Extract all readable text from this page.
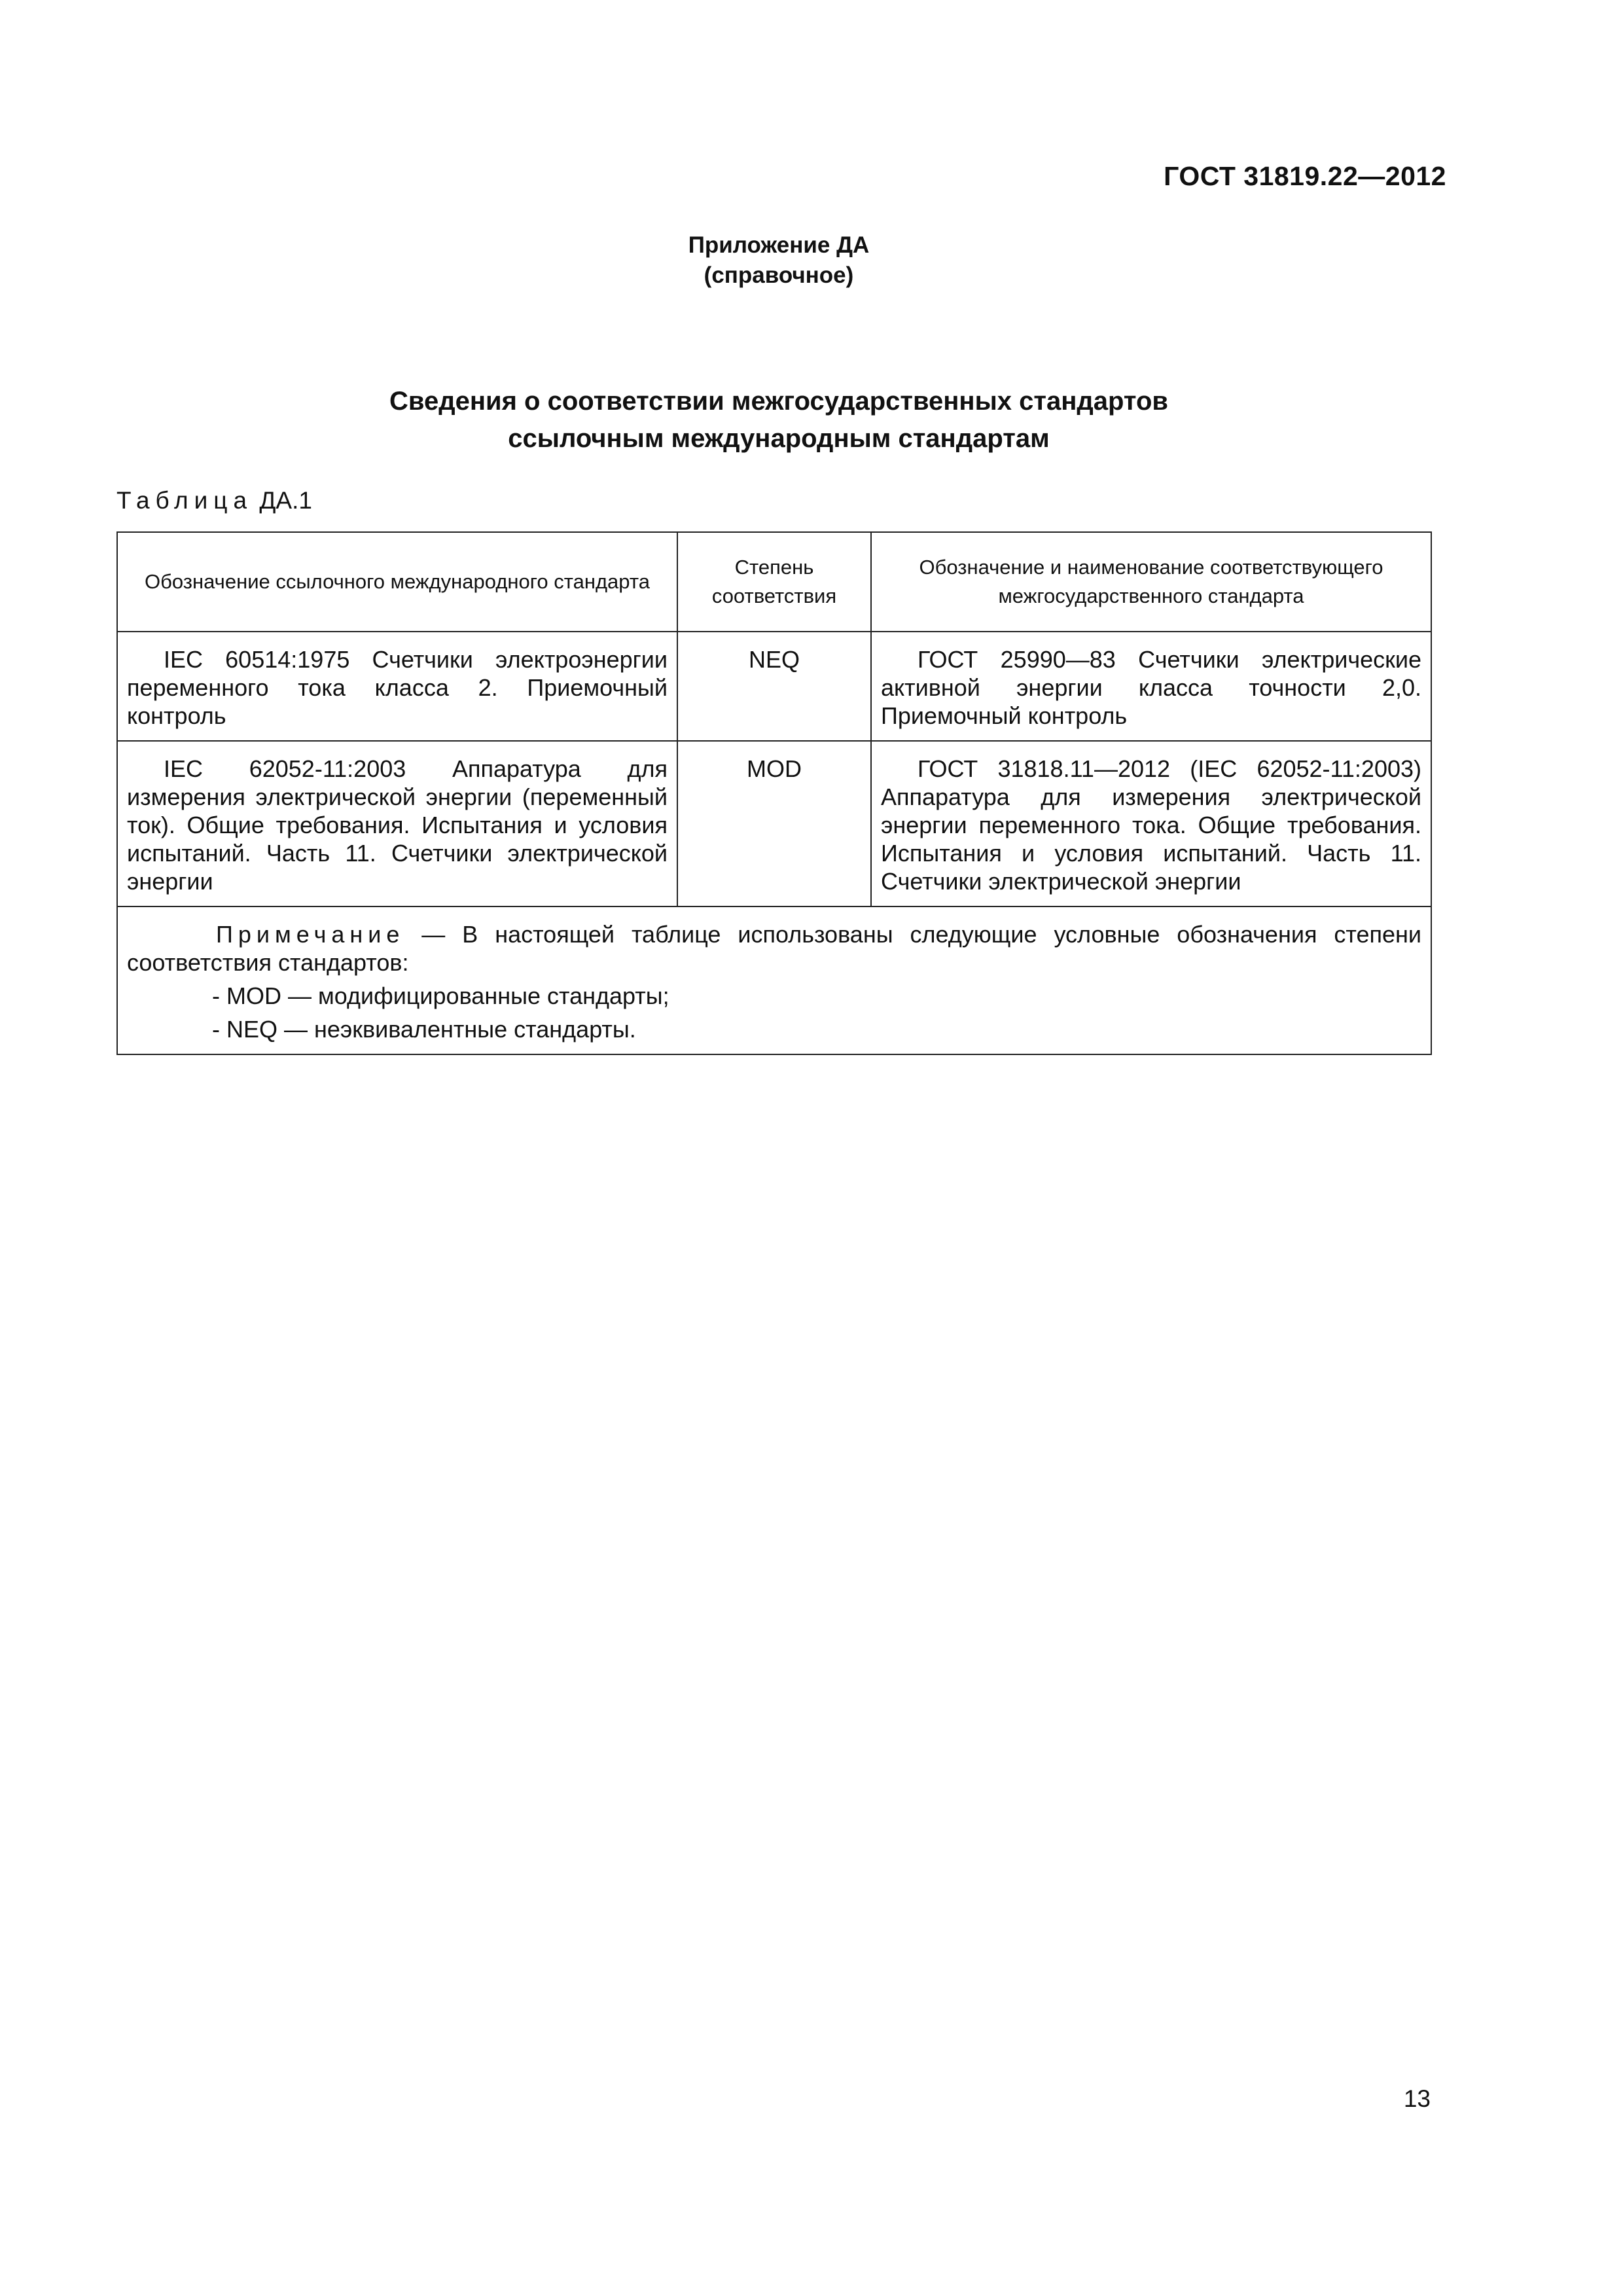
ГОСТ 31819.22—2012
Приложение ДА
(справочное)
Сведения о соответствии межгосударственных стандартов
ссылочным международным стандартам
Таблица ДА.1
Обозначение ссылочного международного стандарта	Степень соответствия	Обозначение и наименование соответствующего межгосударственного стандарта
IEC 60514:1975 Счетчики электроэнергии переменного тока класса 2. Приемочный контроль	NEQ	ГОСТ 25990—83 Счетчики электрические активной энергии класса точности 2,0. Приемочный контроль
IEC 62052-11:2003 Аппаратура для измерения электрической энергии (переменный ток). Общие требования. Испытания и условия испытаний. Часть 11. Счетчики электрической энергии	MOD	ГОСТ 31818.11—2012 (IEC 62052-11:2003) Аппаратура для измерения электрической энергии переменного тока. Общие требования. Испытания и условия испытаний. Часть 11. Счетчики электрической энергии

Примечание — В настоящей таблице использованы следующие условные обозначения степени соответствия стандартов:
- MOD — модифицированные стандарты;
- NEQ — неэквивалентные стандарты.		
13
